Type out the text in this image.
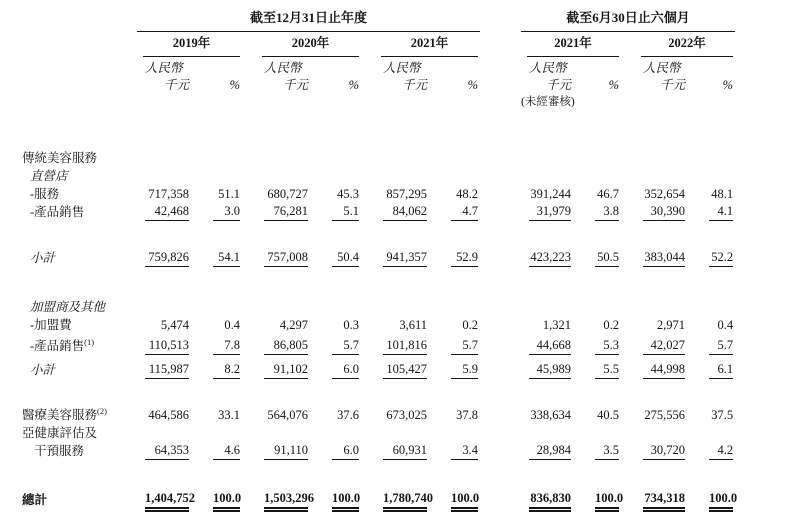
	截至12月31日止年度							截至6月30日止六個月			

	2019年		2020年		2021年			2021年		2022年	

	人民幣		人民幣		人民幣			人民幣		人民幣	

	千元	%	千元	%	千元	%		千元	%	千元	%

								(未經審核)			

傳統美容服務											
直營店											
-服務	717,358	51.1	680,727	45.3	857,295	48.2		391,244	46.7	352,654	48.1

-產品銷售	42,468	3.0	76,281	5.1	84,062	4.7		31,979	3.8	30,390	4.1

小計	759,826	54.1	757,008	50.4	941,357	52.9		423,223	50.5	383,044	52.2

加盟商及其他											
-加盟費	5,474	0.4	4,297	0.3	3,611	0.2		1,321	0.2	2,971	0.4

-產品銷售$^{(1)}$	110,513	7.8	86,805	5.7	101,816	5.7		44,668	5.3	42,027	5.7

小計	115,987	8.2	91,102	6.0	105,427	5.9		45,989	5.5	44,998	6.1

醫療美容服務$^{(2)}$	464,586	33.1	564,076	37.6	673,025	37.8		338,634	40.5	275,556	37.5

亞健康評估及											
干預服務	64,353	4.6	91,110	6.0	60,931	3.4		28,984	3.5	30,720	4.2

總計	1,404,752	100.0	1,503,296	100.0	1,780,740	100.0		836,830	100.0	734,318	100.0
